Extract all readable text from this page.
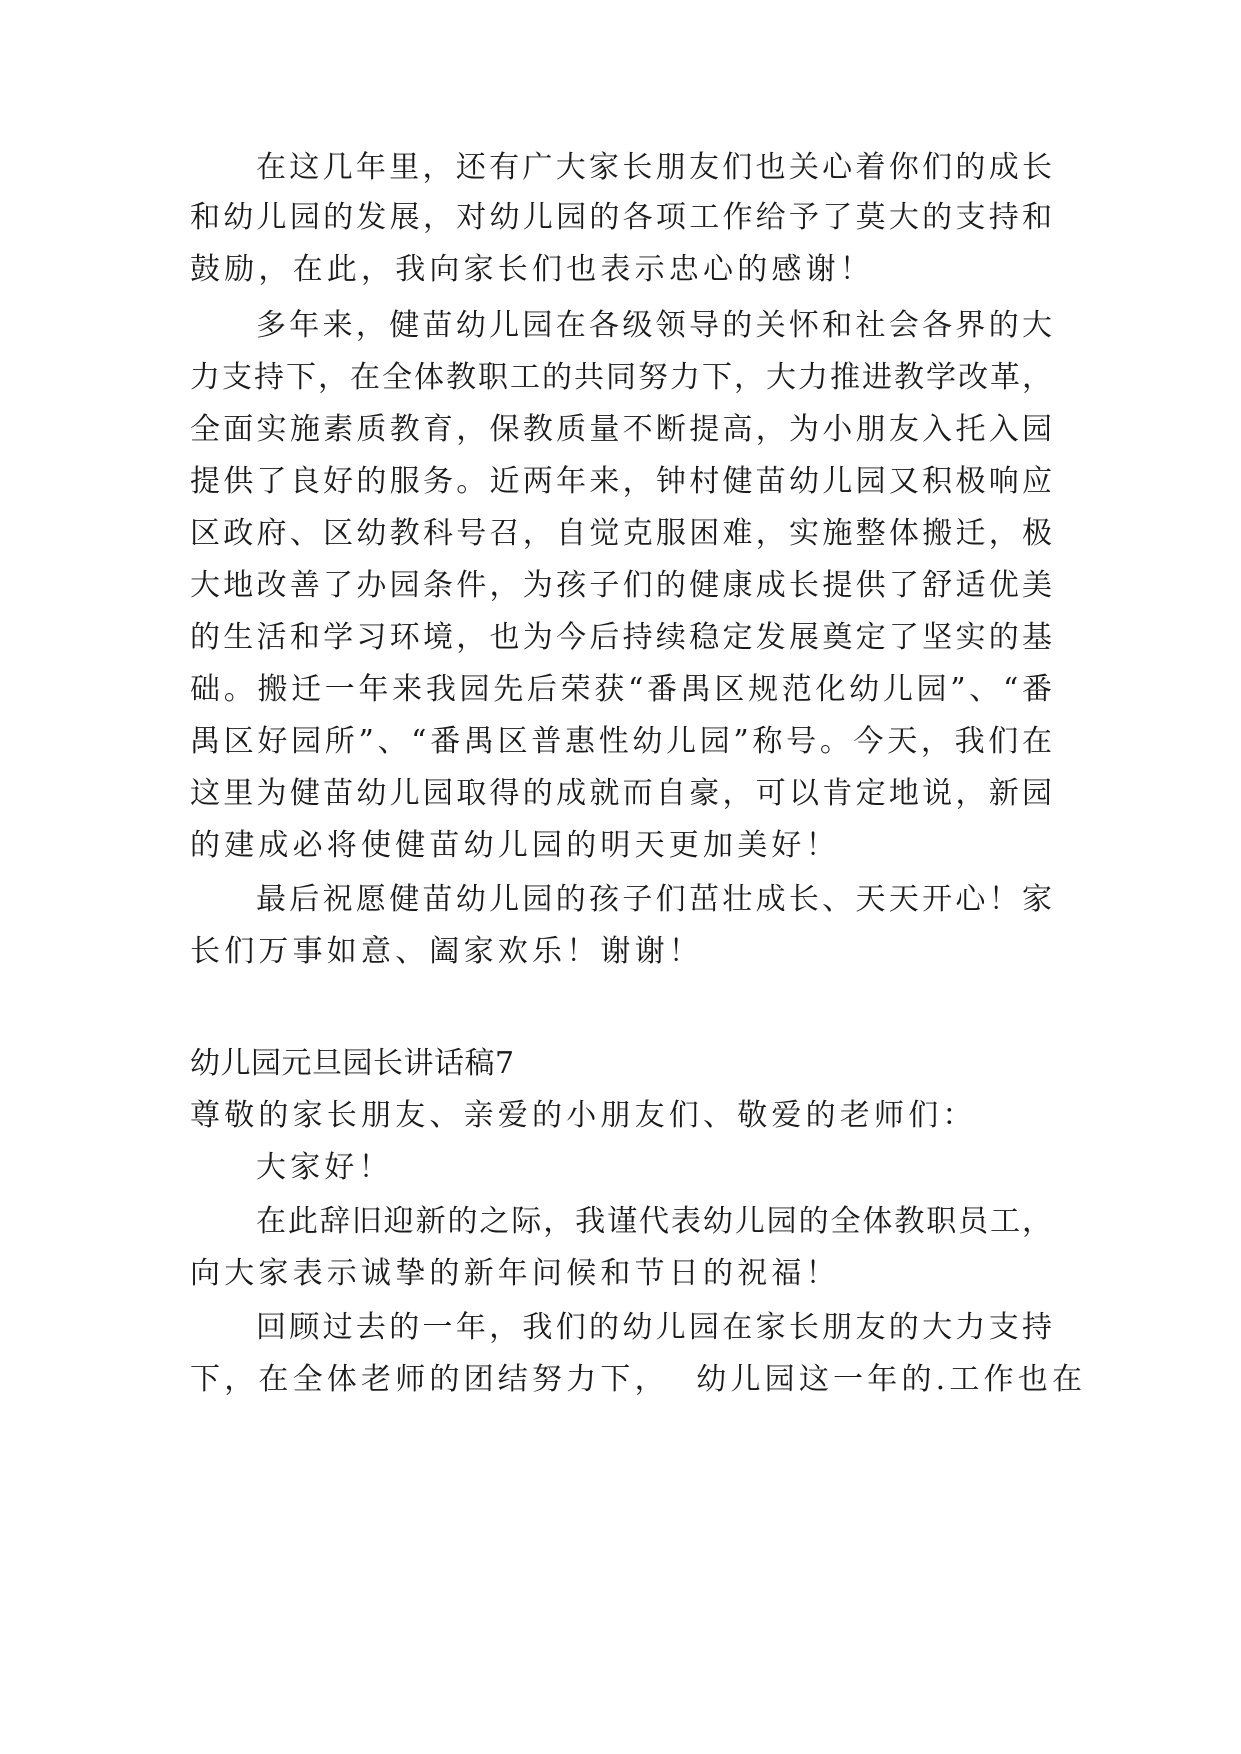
在这几年里，还有广大家长朋友们也关心着你们的成长
和幼儿园的发展，对幼儿园的各项工作给予了莫大的支持和
鼓励，在此，我向家长们也表示忠心的感谢！
多年来，健苗幼儿园在各级领导的关怀和社会各界的大
力支持下，在全体教职工的共同努力下，大力推进教学改革，
全面实施素质教育，保教质量不断提高，为小朋友入托入园
提供了良好的服务。近两年来，钟村健苗幼儿园又积极响应
区政府、区幼教科号召，自觉克服困难，实施整体搬迁，极
大地改善了办园条件，为孩子们的健康成长提供了舒适优美
的生活和学习环境，也为今后持续稳定发展奠定了坚实的基
础。搬迁一年来我园先后荣获“番禺区规范化幼儿园”、“番
禺区好园所”、“番禺区普惠性幼儿园”称号。今天，我们在
这里为健苗幼儿园取得的成就而自豪，可以肯定地说，新园
的建成必将使健苗幼儿园的明天更加美好！
最后祝愿健苗幼儿园的孩子们茁壮成长、天天开心！家
长们万事如意、阖家欢乐！谢谢！
幼儿园元旦园长讲话稿7
尊敬的家长朋友、亲爱的小朋友们、敬爱的老师们：
大家好！
在此辞旧迎新的之际，我谨代表幼儿园的全体教职员工，
向大家表示诚挚的新年问候和节日的祝福！
回顾过去的一年，我们的幼儿园在家长朋友的大力支持
下，在全体老师的团结努力下，  幼儿园这一年的.工作也在
